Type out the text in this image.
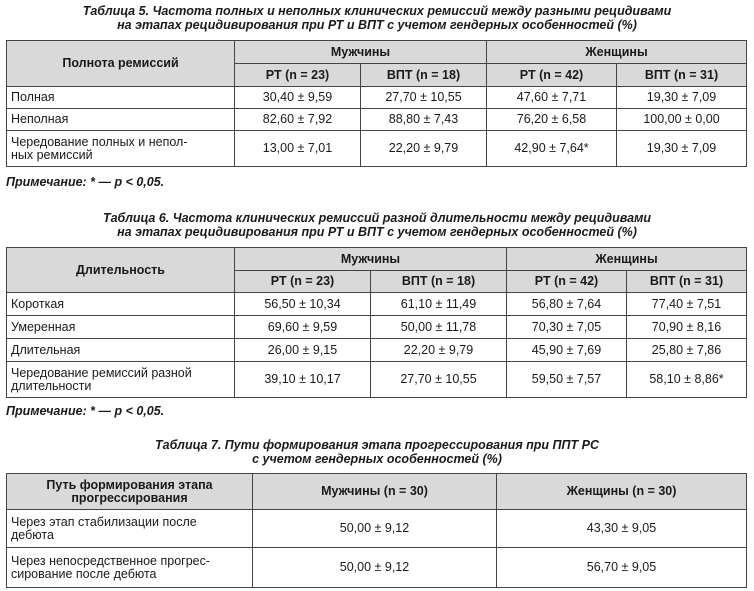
Таблица 5. Частота полных и неполных клинических ремиссий между разными рецидивами
на этапах рецидивирования при РТ и ВПТ с учетом гендерных особенностей (%)
Полнота ремиссий	Мужчины		Женщины	
	РТ (n = 23)	ВПТ (n = 18)	РТ (n = 42)	ВПТ (n = 31)
Полная	30,40 ± 9,59	27,70 ± 10,55	47,60 ± 7,71	19,30 ± 7,09
Неполная	82,60 ± 7,92	88,80 ± 7,43	76,20 ± 6,58	100,00 ± 0,00

Чередование полных и непол-
ных ремиссий	13,00 ± 7,01	22,20 ± 9,79	42,90 ± 7,64*	19,30 ± 7,09
Примечание: * — p < 0,05.
Таблица 6. Частота клинических ремиссий разной длительности между рецидивами
на этапах рецидивирования при РТ и ВПТ с учетом гендерных особенностей (%)
Длительность	Мужчины		Женщины	
	РТ (n = 23)	ВПТ (n = 18)	РТ (n = 42)	ВПТ (n = 31)
Короткая	56,50 ± 10,34	61,10 ± 11,49	56,80 ± 7,64	77,40 ± 7,51
Умеренная	69,60 ± 9,59	50,00 ± 11,78	70,30 ± 7,05	70,90 ± 8,16
Длительная	26,00 ± 9,15	22,20 ± 9,79	45,90 ± 7,69	25,80 ± 7,86

Чередование ремиссий разной
длительности	39,10 ± 10,17	27,70 ± 10,55	59,50 ± 7,57	58,10 ± 8,86*
Примечание: * — p < 0,05.
Таблица 7. Пути формирования этапа прогрессирования при ППТ РС
с учетом гендерных особенностей (%)
Путь формирования этапа
прогрессирования	Мужчины (n = 30)	Женщины (n = 30)

Через этап стабилизации после
дебюта	50,00 ± 9,12	43,30 ± 9,05

Через непосредственное прогрес-
сирование после дебюта	50,00 ± 9,12	56,70 ± 9,05
